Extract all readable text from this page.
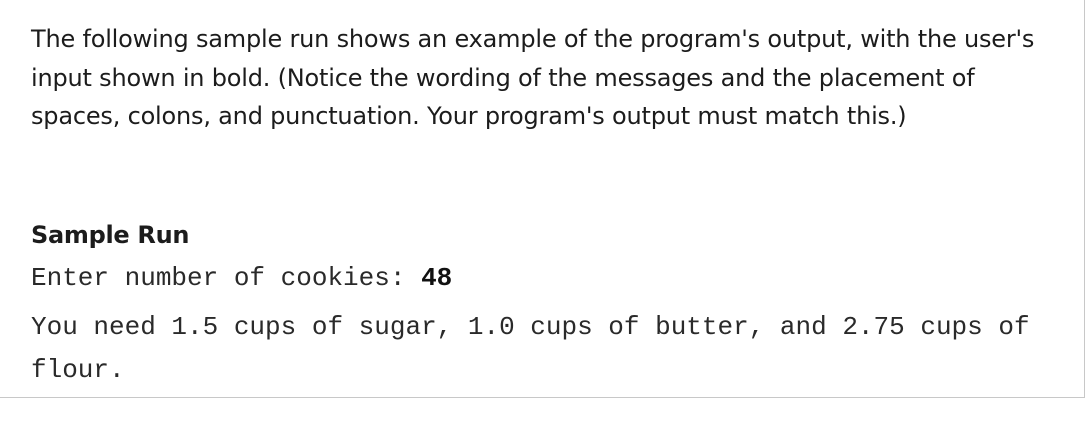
The following sample run shows an example of the program's output, with the user's input shown in bold. (Notice the wording of the messages and the placement of spaces, colons, and punctuation. Your program's output must match this.)

Sample Run
Enter number of cookies: 48
You need 1.5 cups of sugar, 1.0 cups of butter, and 2.75 cups of flour.
